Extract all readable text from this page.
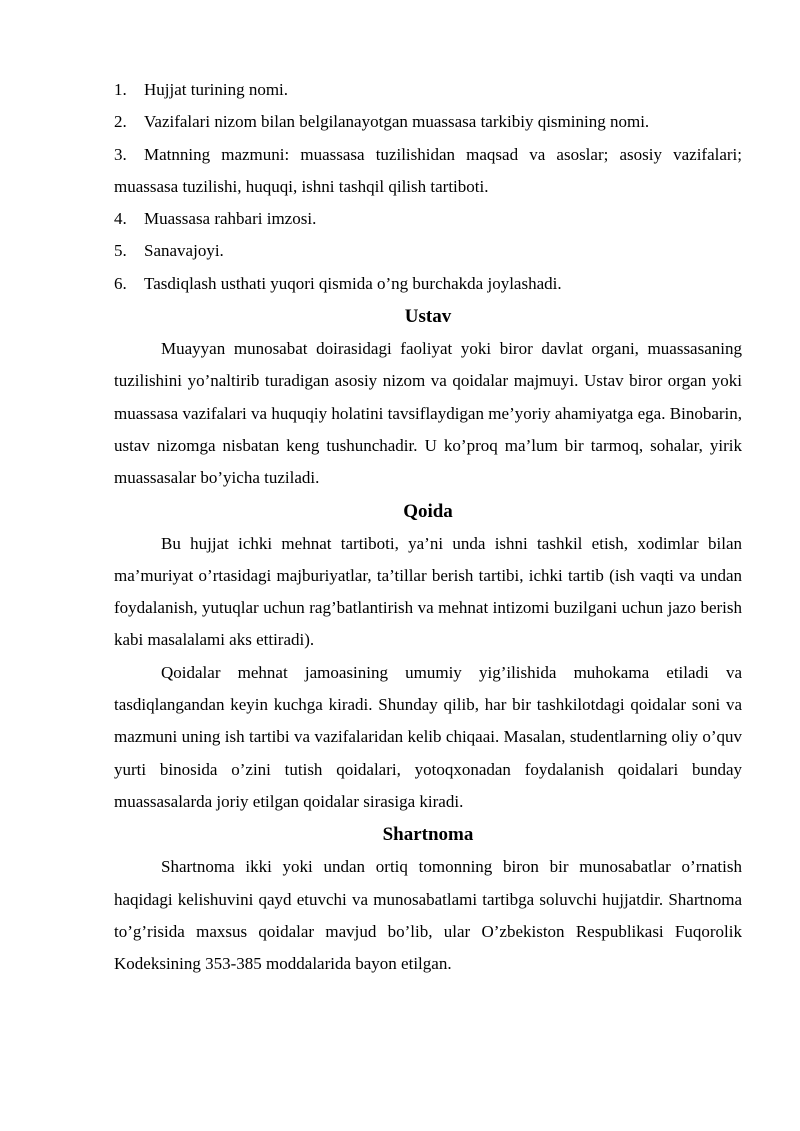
1. Hujjat turining nomi.

2. Vazifalari nizom bilan belgilanayotgan muassasa tarkibiy qismining nomi.

3. Matnning mazmuni: muassasa tuzilishidan maqsad va asoslar; asosiy vazifalari; muassasa tuzilishi, huquqi, ishni tashqil qilish tartiboti.

4. Muassasa rahbari imzosi.

5. Sanavajoyi.

6. Tasdiqlash usthati yuqori qismida o’ng burchakda joylashadi.

Ustav

Muayyan munosabat doirasidagi faoliyat yoki biror davlat organi, muassasaning tuzilishini yo’naltirib turadigan asosiy nizom va qoidalar majmuyi. Ustav biror organ yoki muassasa vazifalari va huquqiy holatini tavsiflaydigan me’yoriy ahamiyatga ega. Binobarin, ustav nizomga nisbatan keng tushunchadir. U ko’proq ma’lum bir tarmoq, sohalar, yirik muassasalar bo’yicha tuziladi.

Qoida

Bu hujjat ichki mehnat tartiboti, ya’ni unda ishni tashkil etish, xodimlar bilan ma’muriyat o’rtasidagi majburiyatlar, ta’tillar berish tartibi, ichki tartib (ish vaqti va undan foydalanish, yutuqlar uchun rag’batlantirish va mehnat intizomi buzilgani uchun jazo berish kabi masalalami aks ettiradi).

Qoidalar mehnat jamoasining umumiy yig’ilishida muhokama etiladi va tasdiqlangandan keyin kuchga kiradi. Shunday qilib, har bir tashkilotdagi qoidalar soni va mazmuni uning ish tartibi va vazifalaridan kelib chiqaai. Masalan, studentlarning oliy o’quv yurti binosida o’zini tutish qoidalari, yotoqxonadan foydalanish qoidalari bunday muassasalarda joriy etilgan qoidalar sirasiga kiradi.

Shartnoma

Shartnoma ikki yoki undan ortiq tomonning biron bir munosabatlar o’rnatish haqidagi kelishuvini qayd etuvchi va munosabatlami tartibga soluvchi hujjatdir. Shartnoma to’g’risida maxsus qoidalar mavjud bo’lib, ular O’zbekiston Respublikasi Fuqorolik Kodeksining 353-385 moddalarida bayon etilgan.
